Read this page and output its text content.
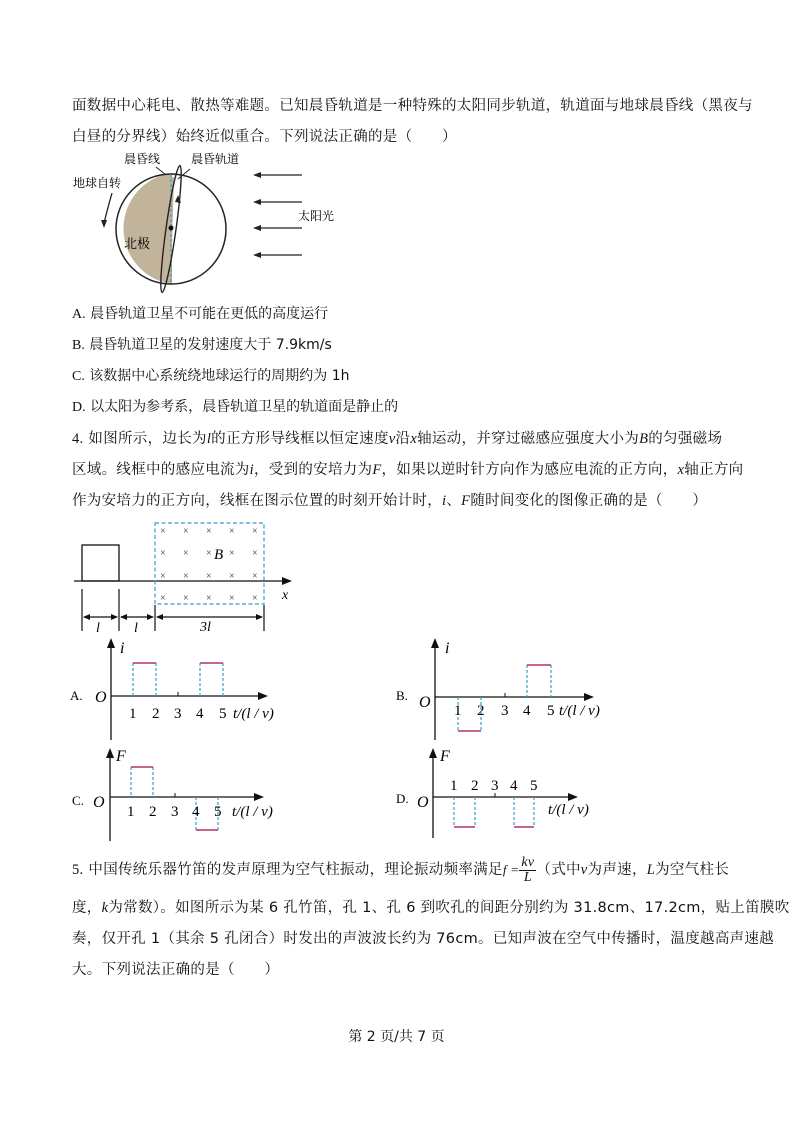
面数据中心耗电、散热等难题。已知晨昏轨道是一种特殊的太阳同步轨道，轨道面与地球晨昏线（黑夜与
白昼的分界线）始终近似重合。下列说法正确的是（　　）
晨昏线	晨昏轨道
地球自转
北极
太阳光
A. 晨昏轨道卫星不可能在更低的高度运行
B. 晨昏轨道卫星的发射速度大于 7.9km/s
C. 该数据中心系统绕地球运行的周期约为 1h
D. 以太阳为参考系，晨昏轨道卫星的轨道面是静止的
4. 如图所示，边长为l的正方形导线框以恒定速度v沿x轴运动，并穿过磁感应强度大小为B的匀强磁场
区域。线框中的感应电流为i，受到的安培力为F，如果以逆时针方向作为感应电流的正方向，x轴正方向
作为安培力的正方向，线框在图示位置的时刻开始计时，i、F随时间变化的图像正确的是（　　）
x
× × × × ×
× × × × ×
× × × × ×
× × × × ×
B
l l	3l
A.
i
O
1 2 3 4 5 t/(l / v)
B.
i
O 1 2 3 4 5 t/(l / v)
C.
F
O
1 2 3 4 5 t/(l / v)
D.
F
O
1 2 3 4 5
t/(l / v)
5. 中国传统乐器竹笛的发声原理为空气柱振动，理论振动频率满足$f = \frac{kv}{L}$ （式中v为声速，L为空气柱长
度，k为常数）。如图所示为某 6 孔竹笛，孔 1、孔 6 到吹孔的间距分别约为 31.8cm、17.2cm，贴上笛膜吹
奏，仅开孔 1（其余 5 孔闭合）时发出的声波波长约为 76cm。已知声波在空气中传播时，温度越高声速越
大。下列说法正确的是（　　）
第 2 页/共 7 页
